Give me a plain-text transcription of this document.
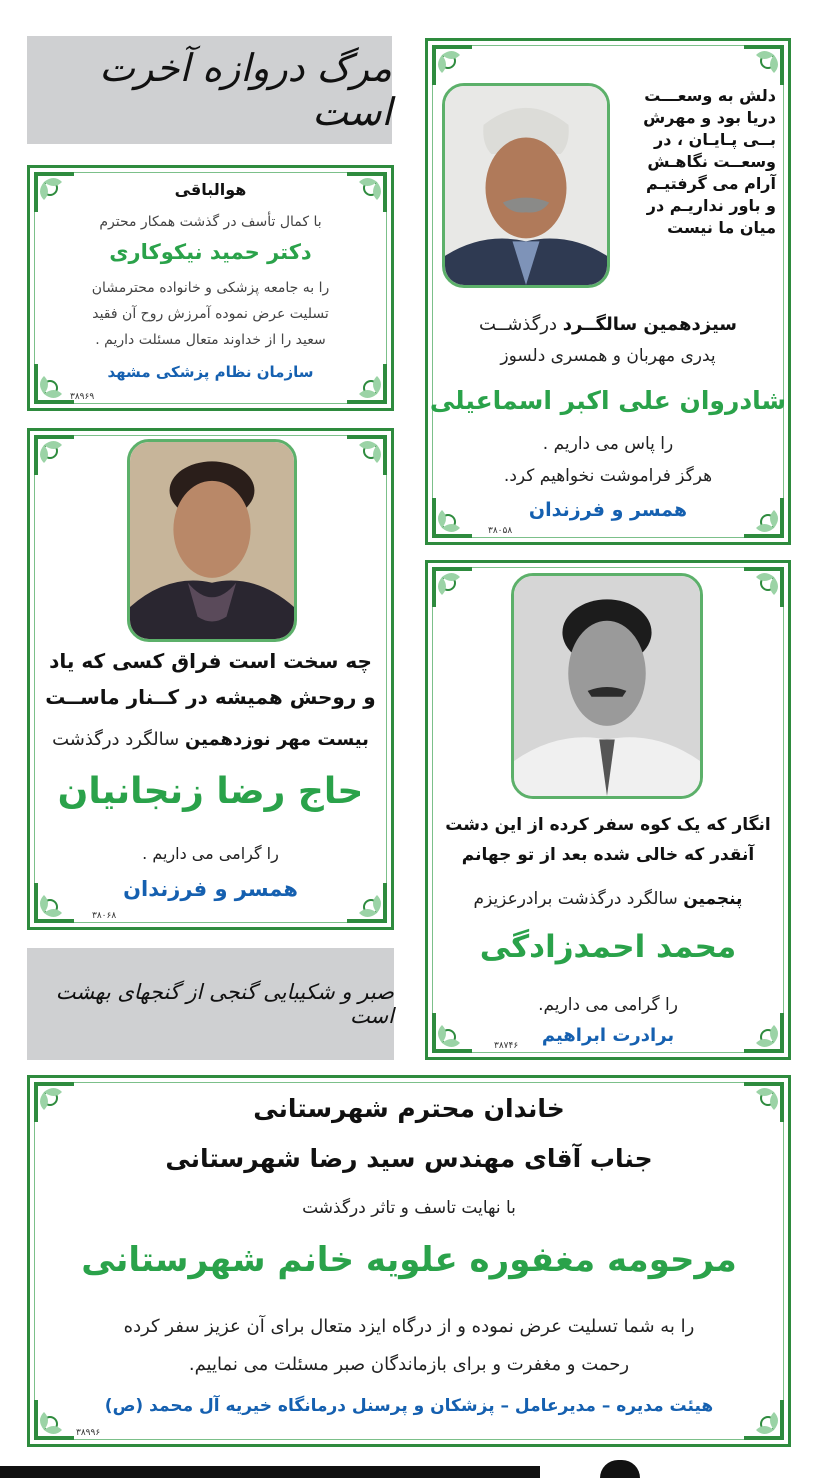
مرگ دروازه آخرت است
هوالباقی
با کمال تأسف در گذشت همکار محترم
دکتر حمید نیکوکاری
را به جامعه پزشکی و خانواده محترمشان
تسلیت عرض نموده آمرزش روح آن فقید
سعید را از خداوند متعال مسئلت داریم .
سازمان نظام پزشکی مشهد
۳۸۹۶۹
دلش به وسعـــت
دریا بود و مهرش
بــی پـایـان ، در
وسعــت نگاهـش
آرام می گرفتیـم
و باور نداریـم در
میان ما نیست
سیزدهمین سالگــرد درگذشــت
پدری مهربان و همسری دلسوز
شادروان علی اکبر اسماعیلی
را پاس می داریم .
هرگز فراموشت نخواهیم کرد.
همسر و فرزندان
۳۸۰۵۸
چه سخت است فراق کسی که یاد
و روحش همیشه در کــنار ماســت
بیست مهر نوزدهمین سالگرد درگذشت
حاج رضا زنجانیان
را گرامی می داریم .
همسر و فرزندان
۳۸۰۶۸
انگار که یک کوه سفر کرده از این دشت
آنقدر که خالی شده بعد از تو جهانم
پنجمین سالگرد درگذشت برادرعزیزم
محمد احمدزادگی
را گرامی می داریم.
برادرت ابراهیم
۳۸۷۴۶
صبر و شکیبایی گنجی از گنجهای بهشت است
خاندان محترم شهرستانی
جناب آقای مهندس سید رضا شهرستانی
با نهایت تاسف و تاثر درگذشت
مرحومه مغفوره علویه خانم شهرستانی
را به شما تسلیت عرض نموده و از درگاه ایزد متعال برای آن عزیز سفر کرده
رحمت و مغفرت و برای بازماندگان صبر مسئلت می نماییم.
هیئت مدیره – مدیرعامل – پزشکان و پرسنل درمانگاه خیریه آل محمد (ص)
۳۸۹۹۶
